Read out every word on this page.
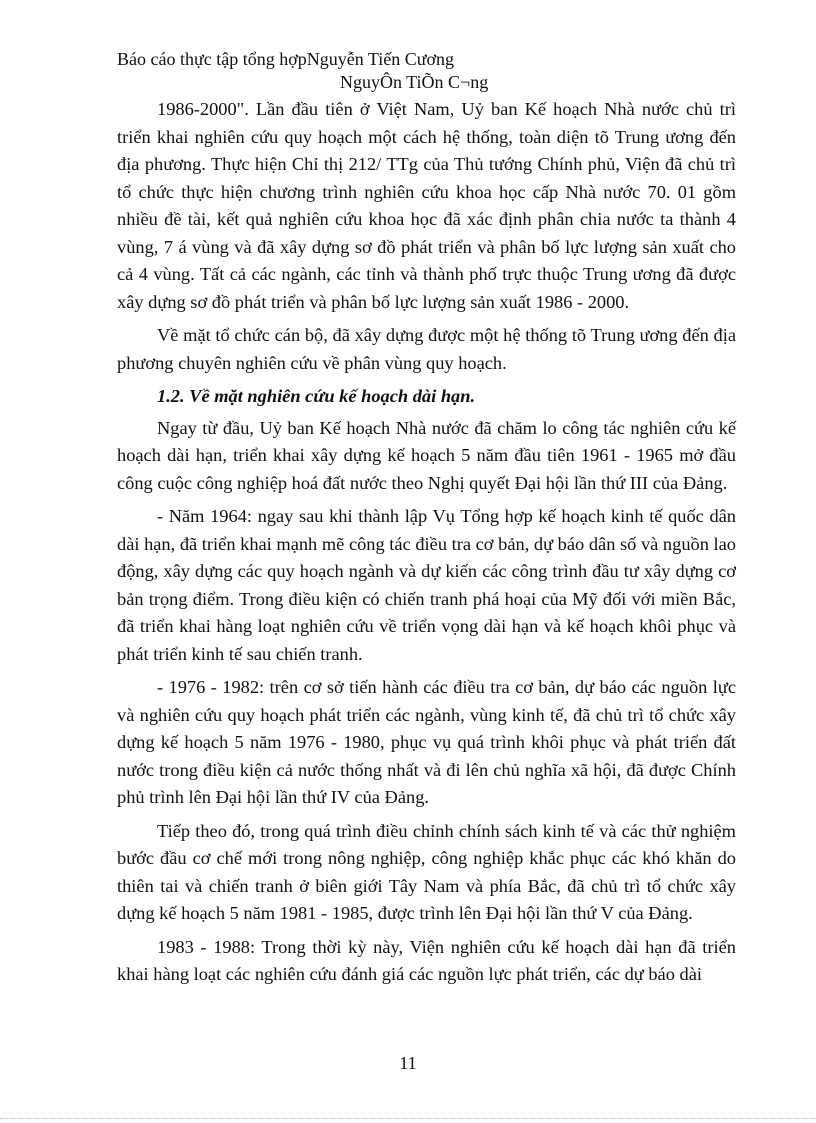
Báo cáo thực tập tổng hợpNguyễn Tiến Cương
NguyÔn TiÕn C¬ng

1986-2000". Lần đầu tiên ở Việt Nam, Uỷ ban Kế hoạch Nhà nước chủ trì triển khai nghiên cứu quy hoạch một cách hệ thống, toàn diện tõ Trung ương đến địa phương. Thực hiện Chỉ thị 212/ TTg của Thủ tướng Chính phủ, Viện đã chủ trì tổ chức thực hiện chương trình nghiên cứu khoa học cấp Nhà nước 70. 01 gồm nhiều đề tài, kết quả nghiên cứu khoa học đã xác định phân chia nước ta thành 4 vùng, 7 á vùng và đã xây dựng sơ đồ phát triển và phân bố lực lượng sản xuất cho cả 4 vùng. Tất cả các ngành, các tỉnh và thành phố trực thuộc Trung ương đã được xây dựng sơ đồ phát triển và phân bố lực lượng sản xuất 1986 - 2000.

Về mặt tổ chức cán bộ, đã xây dựng được một hệ thống tõ Trung ương đến địa phương chuyên nghiên cứu về phân vùng quy hoạch.

1.2. Về mặt nghiên cứu kế hoạch dài hạn.

Ngay từ đầu, Uỷ ban Kế hoạch Nhà nước đã chăm lo công tác nghiên cứu kế hoạch dài hạn, triển khai xây dựng kế hoạch 5 năm đầu tiên 1961 - 1965 mở đầu công cuộc công nghiệp hoá đất nước theo Nghị quyết Đại hội lần thứ III của Đảng.

- Năm 1964: ngay sau khi thành lập Vụ Tổng hợp kế hoạch kinh tế quốc dân dài hạn, đã triển khai mạnh mẽ công tác điều tra cơ bản, dự báo dân số và nguồn lao động, xây dựng các quy hoạch ngành và dự kiến các công trình đầu tư xây dựng cơ bản trọng điểm. Trong điều kiện có chiến tranh phá hoại của Mỹ đối với miền Bắc, đã triển khai hàng loạt nghiên cứu về triển vọng dài hạn và kế hoạch khôi phục và phát triển kinh tế sau chiến tranh.

- 1976 - 1982: trên cơ sở tiến hành các điều tra cơ bản, dự báo các nguồn lực và nghiên cứu quy hoạch phát triển các ngành, vùng kinh tế, đã chủ trì tổ chức xây dựng kế hoạch 5 năm 1976 - 1980, phục vụ quá trình khôi phục và phát triển đất nước trong điều kiện cả nước thống nhất và đi lên chủ nghĩa xã hội, đã được Chính phủ trình lên Đại hội lần thứ IV của Đảng.

Tiếp theo đó, trong quá trình điều chỉnh chính sách kinh tế và các thử nghiệm bước đầu cơ chế mới trong nông nghiệp, công nghiệp khắc phục các khó khăn do thiên tai và chiến tranh ở biên giới Tây Nam và phía Bắc, đã chủ trì tổ chức xây dựng kế hoạch 5 năm 1981 - 1985, được trình lên Đại hội lần thứ V của Đảng.

1983 - 1988: Trong thời kỳ này, Viện nghiên cứu kế hoạch dài hạn đã triển khai hàng loạt các nghiên cứu đánh giá các nguồn lực phát triển, các dự báo dài

11
